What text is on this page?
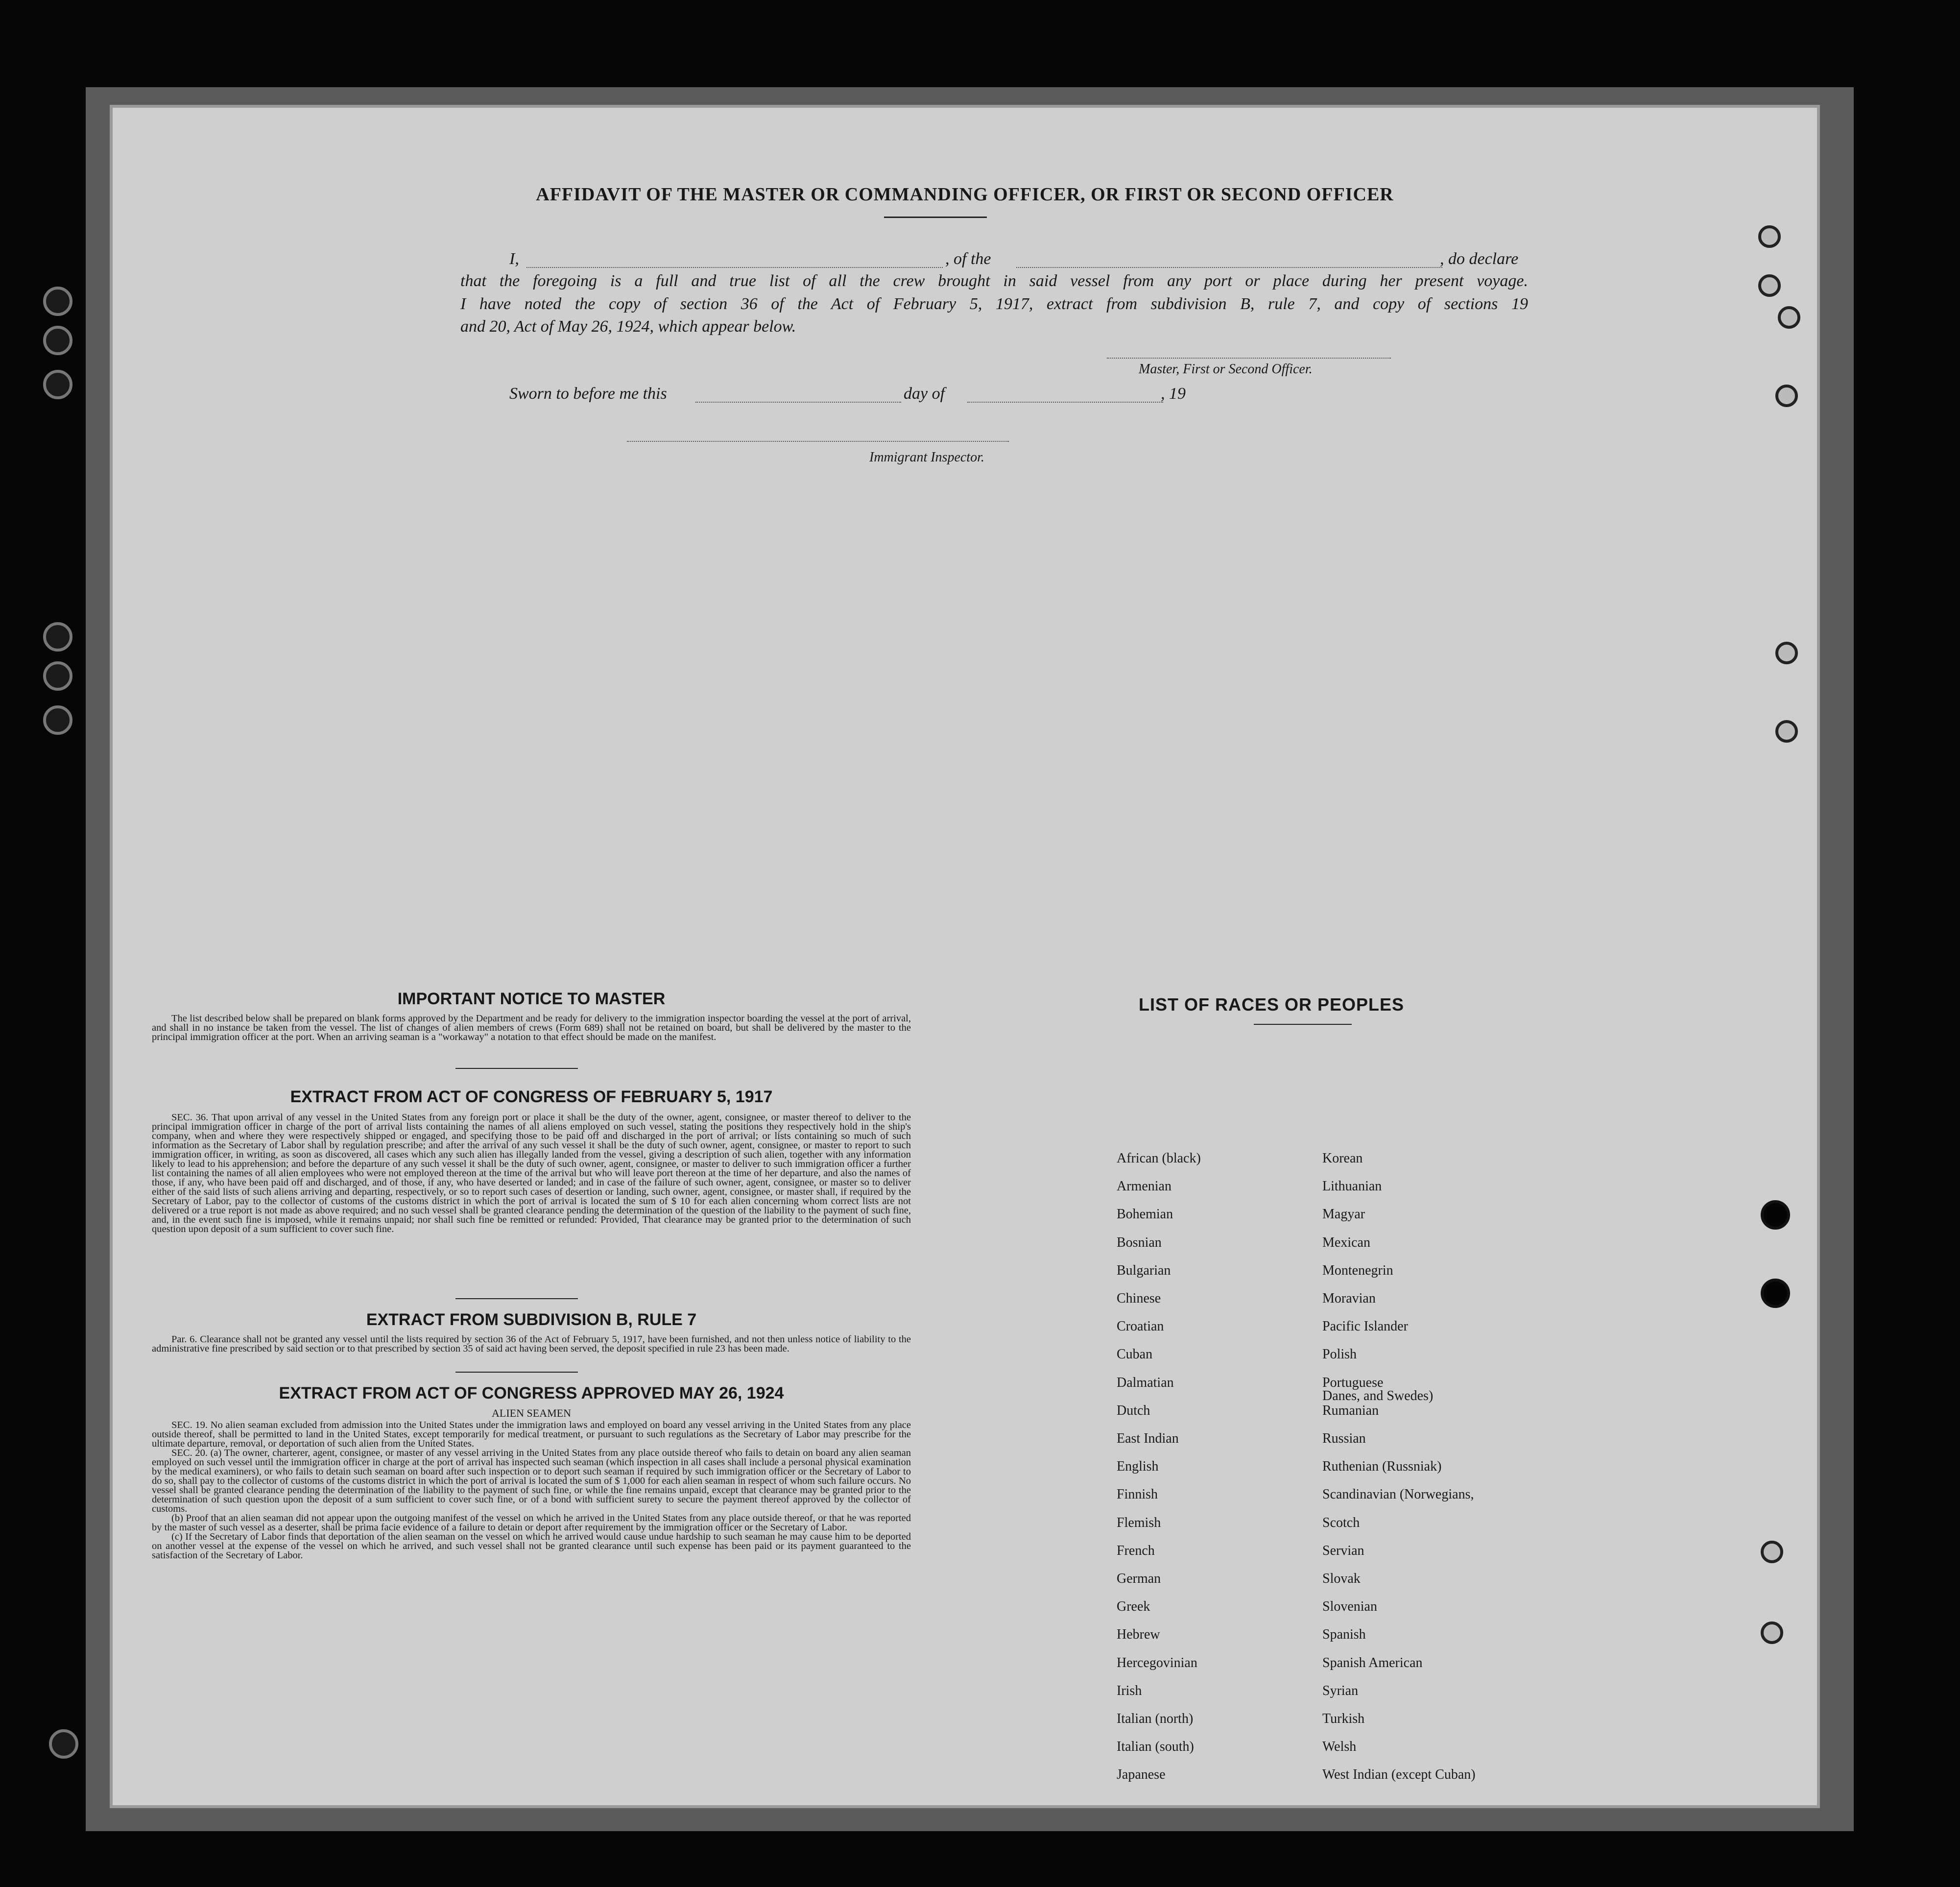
AFFIDAVIT OF THE MASTER OR COMMANDING OFFICER, OR FIRST OR SECOND OFFICER
I,	, of the	, do declare
that the foregoing is a full and true list of all the crew brought in said vessel from any port or place during her present voyage.
I have noted the copy of section 36 of the Act of February 5, 1917, extract from subdivision B, rule 7, and copy of sections 19
and 20, Act of May 26, 1924, which appear below.
Master, First or Second Officer.
Sworn to before me this	day of	, 19
Immigrant Inspector.
IMPORTANT NOTICE TO MASTER

The list described below shall be prepared on blank forms approved by the Department and be ready for delivery to the immigration inspector boarding the vessel at the port of arrival, and shall in no instance be taken from the vessel. The list of changes of alien members of crews (Form 689) shall not be retained on board, but shall be delivered by the master to the principal immigration officer at the port. When an arriving seaman is a "workaway" a notation to that effect should be made on the manifest.

EXTRACT FROM ACT OF CONGRESS OF FEBRUARY 5, 1917

SEC. 36. That upon arrival of any vessel in the United States from any foreign port or place it shall be the duty of the owner, agent, consignee, or master thereof to deliver to the principal immigration officer in charge of the port of arrival lists containing the names of all aliens employed on such vessel, stating the positions they respectively hold in the ship's company, when and where they were respectively shipped or engaged, and specifying those to be paid off and discharged in the port of arrival; or lists containing so much of such information as the Secretary of Labor shall by regulation prescribe; and after the arrival of any such vessel it shall be the duty of such owner, agent, consignee, or master to report to such immigration officer, in writing, as soon as discovered, all cases which any such alien has illegally landed from the vessel, giving a description of such alien, together with any information likely to lead to his apprehension; and before the departure of any such vessel it shall be the duty of such owner, agent, consignee, or master to deliver to such immigration officer a further list containing the names of all alien employees who were not employed thereon at the time of the arrival but who will leave port thereon at the time of her departure, and also the names of those, if any, who have been paid off and discharged, and of those, if any, who have deserted or landed; and in case of the failure of such owner, agent, consignee, or master so to deliver either of the said lists of such aliens arriving and departing, respectively, or so to report such cases of desertion or landing, such owner, agent, consignee, or master shall, if required by the Secretary of Labor, pay to the collector of customs of the customs district in which the port of arrival is located the sum of $ 10 for each alien concerning whom correct lists are not delivered or a true report is not made as above required; and no such vessel shall be granted clearance pending the determination of the question of the liability to the payment of such fine, and, in the event such fine is imposed, while it remains unpaid; nor shall such fine be remitted or refunded: Provided, That clearance may be granted prior to the determination of such question upon deposit of a sum sufficient to cover such fine.

EXTRACT FROM SUBDIVISION B, RULE 7

Par. 6. Clearance shall not be granted any vessel until the lists required by section 36 of the Act of February 5, 1917, have been furnished, and not then unless notice of liability to the administrative fine prescribed by said section or to that prescribed by section 35 of said act having been served, the deposit specified in rule 23 has been made.

EXTRACT FROM ACT OF CONGRESS APPROVED MAY 26, 1924
ALIEN SEAMEN

SEC. 19. No alien seaman excluded from admission into the United States under the immigration laws and employed on board any vessel arriving in the United States from any place outside thereof, shall be permitted to land in the United States, except temporarily for medical treatment, or pursuant to such regulations as the Secretary of Labor may prescribe for the ultimate departure, removal, or deportation of such alien from the United States.

SEC. 20. (a) The owner, charterer, agent, consignee, or master of any vessel arriving in the United States from any place outside thereof who fails to detain on board any alien seaman employed on such vessel until the immigration officer in charge at the port of arrival has inspected such seaman (which inspection in all cases shall include a personal physical examination by the medical examiners), or who fails to detain such seaman on board after such inspection or to deport such seaman if required by such immigration officer or the Secretary of Labor to do so, shall pay to the collector of customs of the customs district in which the port of arrival is located the sum of $ 1,000 for each alien seaman in respect of whom such failure occurs. No vessel shall be granted clearance pending the determination of the liability to the payment of such fine, or while the fine remains unpaid, except that clearance may be granted prior to the determination of such question upon the deposit of a sum sufficient to cover such fine, or of a bond with sufficient surety to secure the payment thereof approved by the collector of customs.

(b) Proof that an alien seaman did not appear upon the outgoing manifest of the vessel on which he arrived in the United States from any place outside thereof, or that he was reported by the master of such vessel as a deserter, shall be prima facie evidence of a failure to detain or deport after requirement by the immigration officer or the Secretary of Labor.

(c) If the Secretary of Labor finds that deportation of the alien seaman on the vessel on which he arrived would cause undue hardship to such seaman he may cause him to be deported on another vessel at the expense of the vessel on which he arrived, and such vessel shall not be granted clearance until such expense has been paid or its payment guaranteed to the satisfaction of the Secretary of Labor.

LIST OF RACES OR PEOPLES
Danes, and Swedes)
African (black)
Armenian
Bohemian
Bosnian
Bulgarian
Chinese
Croatian
Cuban
Dalmatian
Dutch
East Indian
English
Finnish
Flemish
French
German
Greek
Hebrew
Hercegovinian
Irish
Italian (north)
Italian (south)
Japanese
Korean
Lithuanian
Magyar
Mexican
Montenegrin
Moravian
Pacific Islander
Polish
Portuguese
Rumanian
Russian
Ruthenian (Russniak)
Scandinavian (Norwegians,
Scotch
Servian
Slovak
Slovenian
Spanish
Spanish American
Syrian
Turkish
Welsh
West Indian (except Cuban)
